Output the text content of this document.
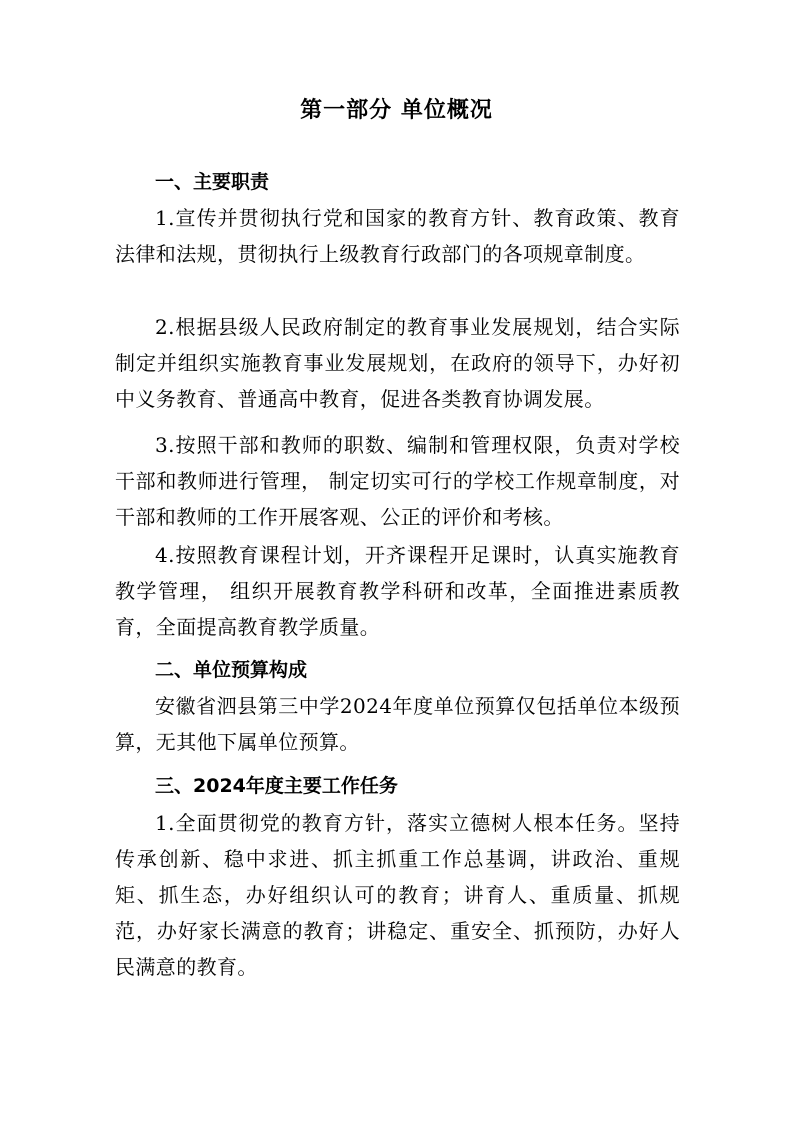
第一部分 单位概况
一、主要职责
1.宣传并贯彻执行党和国家的教育方针、教育政策、教育法律和法规，贯彻执行上级教育行政部门的各项规章制度。
2.根据县级人民政府制定的教育事业发展规划，结合实际制定并组织实施教育事业发展规划，在政府的领导下，办好初中义务教育、普通高中教育，促进各类教育协调发展。
3.按照干部和教师的职数、编制和管理权限，负责对学校干部和教师进行管理， 制定切实可行的学校工作规章制度，对干部和教师的工作开展客观、公正的评价和考核。
4.按照教育课程计划，开齐课程开足课时，认真实施教育教学管理， 组织开展教育教学科研和改革，全面推进素质教育，全面提高教育教学质量。
二、单位预算构成
安徽省泗县第三中学2024年度单位预算仅包括单位本级预算，无其他下属单位预算。
三、2024年度主要工作任务
1.全面贯彻党的教育方针，落实立德树人根本任务。坚持传承创新、稳中求进、抓主抓重工作总基调，讲政治、重规矩、抓生态，办好组织认可的教育；讲育人、重质量、抓规范，办好家长满意的教育；讲稳定、重安全、抓预防，办好人民满意的教育。
